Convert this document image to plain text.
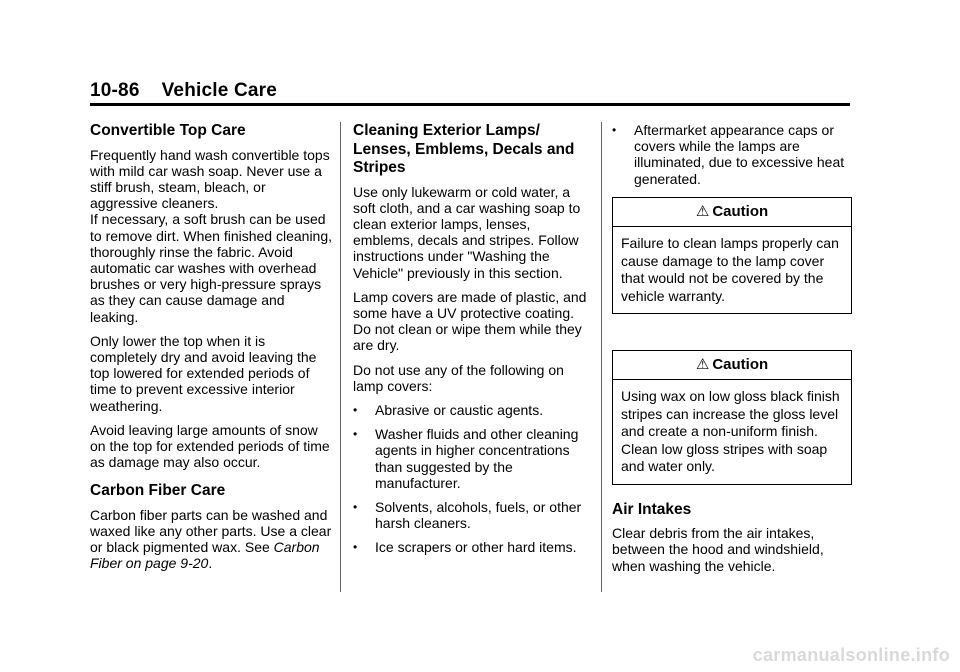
10-86 Vehicle Care
Convertible Top Care

Frequently hand wash convertible tops with mild car wash soap. Never use a stiff brush, steam, bleach, or aggressive cleaners.

If necessary, a soft brush can be used to remove dirt. When finished cleaning, thoroughly rinse the fabric. Avoid automatic car washes with overhead brushes or very high-pressure sprays as they can cause damage and leaking.

Only lower the top when it is completely dry and avoid leaving the top lowered for extended periods of time to prevent excessive interior weathering.

Avoid leaving large amounts of snow on the top for extended periods of time as damage may also occur.

Carbon Fiber Care

Carbon fiber parts can be washed and waxed like any other parts. Use a clear or black pigmented wax. See Carbon Fiber on page 9-20.

Cleaning Exterior Lamps/ Lenses, Emblems, Decals and Stripes

Use only lukewarm or cold water, a soft cloth, and a car washing soap to clean exterior lamps, lenses, emblems, decals and stripes. Follow instructions under "Washing the Vehicle" previously in this section.

Lamp covers are made of plastic, and some have a UV protective coating. Do not clean or wipe them while they are dry.

Do not use any of the following on lamp covers:

• Abrasive or caustic agents.
• Washer fluids and other cleaning agents in higher concentrations than suggested by the manufacturer.
• Solvents, alcohols, fuels, or other harsh cleaners.
• Ice scrapers or other hard items.
• Aftermarket appearance caps or covers while the lamps are illuminated, due to excessive heat generated.
⚠ Caution
Failure to clean lamps properly can cause damage to the lamp cover that would not be covered by the vehicle warranty.
⚠ Caution
Using wax on low gloss black finish stripes can increase the gloss level and create a non-uniform finish. Clean low gloss stripes with soap and water only.
Air Intakes

Clear debris from the air intakes, between the hood and windshield, when washing the vehicle.

carmanualsonline.info
